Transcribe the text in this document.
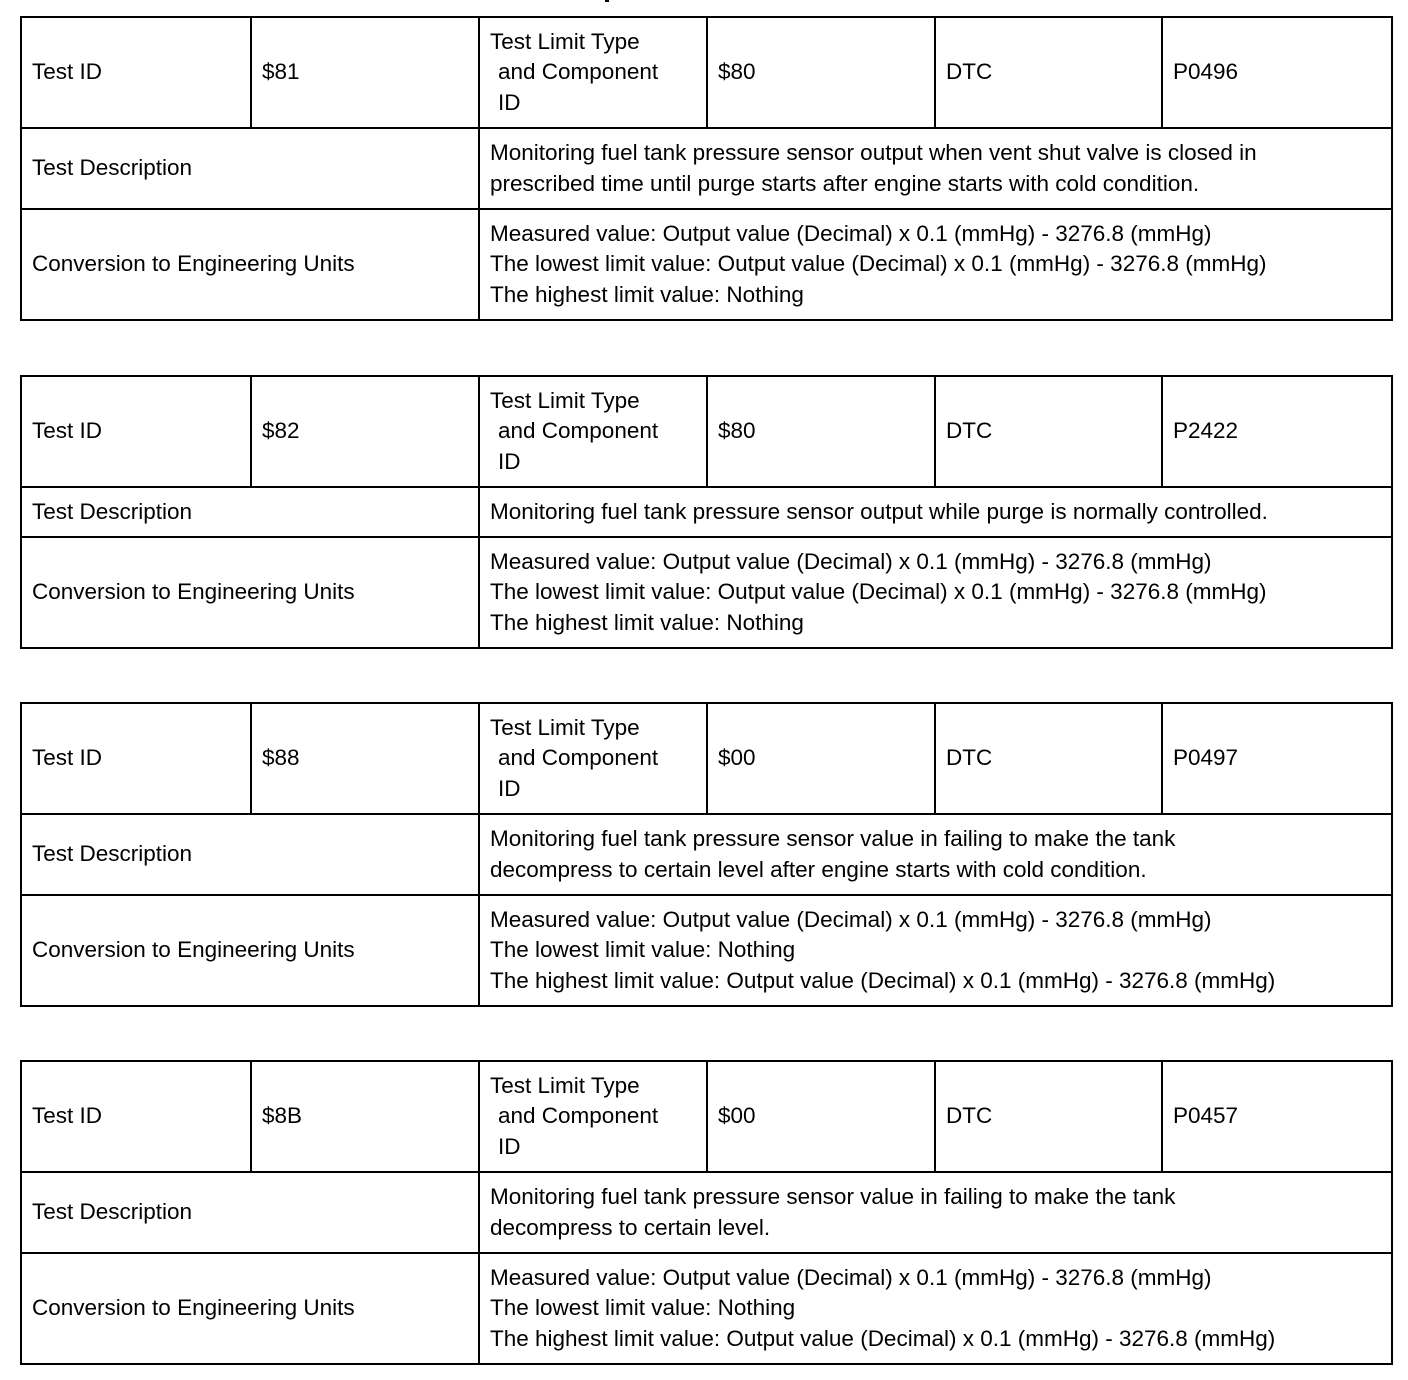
Test ID	$81	Test Limit Type
and Component
ID	$80	DTC	P0496
Test Description		Monitoring fuel tank pressure sensor output when vent shut valve is closed in
prescribed time until purge starts after engine starts with cold condition.			

Conversion to Engineering Units		Measured value: Output value (Decimal) x 0.1 (mmHg) - 3276.8 (mmHg)
The lowest limit value: Output value (Decimal) x 0.1 (mmHg) - 3276.8 (mmHg)
The highest limit value: Nothing			
Test ID	$82	Test Limit Type
and Component
ID	$80	DTC	P2422
Test Description		Monitoring fuel tank pressure sensor output while purge is normally controlled.			

Conversion to Engineering Units		Measured value: Output value (Decimal) x 0.1 (mmHg) - 3276.8 (mmHg)
The lowest limit value: Output value (Decimal) x 0.1 (mmHg) - 3276.8 (mmHg)
The highest limit value: Nothing			
Test ID	$88	Test Limit Type
and Component
ID	$00	DTC	P0497
Test Description		Monitoring fuel tank pressure sensor value in failing to make the tank
decompress to certain level after engine starts with cold condition.			

Conversion to Engineering Units		Measured value: Output value (Decimal) x 0.1 (mmHg) - 3276.8 (mmHg)
The lowest limit value: Nothing
The highest limit value: Output value (Decimal) x 0.1 (mmHg) - 3276.8 (mmHg)			
Test ID	$8B	Test Limit Type
and Component
ID	$00	DTC	P0457
Test Description		Monitoring fuel tank pressure sensor value in failing to make the tank
decompress to certain level.			

Conversion to Engineering Units		Measured value: Output value (Decimal) x 0.1 (mmHg) - 3276.8 (mmHg)
The lowest limit value: Nothing
The highest limit value: Output value (Decimal) x 0.1 (mmHg) - 3276.8 (mmHg)			
